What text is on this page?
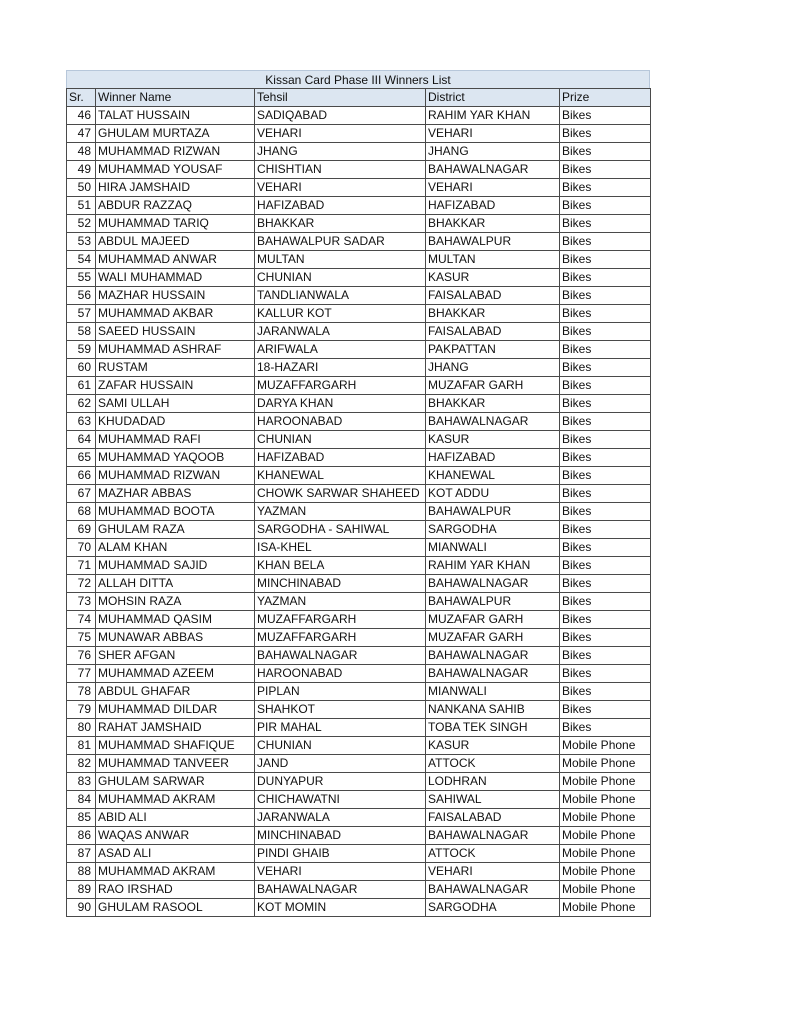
Kissan Card Phase III Winners List
Sr.	Winner Name	Tehsil	District	Prize
46	TALAT HUSSAIN	SADIQABAD	RAHIM YAR KHAN	Bikes
47	GHULAM MURTAZA	VEHARI	VEHARI	Bikes
48	MUHAMMAD RIZWAN	JHANG	JHANG	Bikes
49	MUHAMMAD YOUSAF	CHISHTIAN	BAHAWALNAGAR	Bikes
50	HIRA JAMSHAID	VEHARI	VEHARI	Bikes
51	ABDUR RAZZAQ	HAFIZABAD	HAFIZABAD	Bikes
52	MUHAMMAD TARIQ	BHAKKAR	BHAKKAR	Bikes
53	ABDUL MAJEED	BAHAWALPUR SADAR	BAHAWALPUR	Bikes
54	MUHAMMAD ANWAR	MULTAN	MULTAN	Bikes
55	WALI MUHAMMAD	CHUNIAN	KASUR	Bikes
56	MAZHAR HUSSAIN	TANDLIANWALA	FAISALABAD	Bikes
57	MUHAMMAD AKBAR	KALLUR KOT	BHAKKAR	Bikes
58	SAEED HUSSAIN	JARANWALA	FAISALABAD	Bikes
59	MUHAMMAD ASHRAF	ARIFWALA	PAKPATTAN	Bikes
60	RUSTAM	18-HAZARI	JHANG	Bikes
61	ZAFAR HUSSAIN	MUZAFFARGARH	MUZAFAR GARH	Bikes
62	SAMI ULLAH	DARYA KHAN	BHAKKAR	Bikes
63	KHUDADAD	HAROONABAD	BAHAWALNAGAR	Bikes
64	MUHAMMAD RAFI	CHUNIAN	KASUR	Bikes
65	MUHAMMAD YAQOOB	HAFIZABAD	HAFIZABAD	Bikes
66	MUHAMMAD RIZWAN	KHANEWAL	KHANEWAL	Bikes
67	MAZHAR ABBAS	CHOWK SARWAR SHAHEED	KOT ADDU	Bikes
68	MUHAMMAD BOOTA	YAZMAN	BAHAWALPUR	Bikes
69	GHULAM RAZA	SARGODHA - SAHIWAL	SARGODHA	Bikes
70	ALAM KHAN	ISA-KHEL	MIANWALI	Bikes
71	MUHAMMAD SAJID	KHAN BELA	RAHIM YAR KHAN	Bikes
72	ALLAH DITTA	MINCHINABAD	BAHAWALNAGAR	Bikes
73	MOHSIN RAZA	YAZMAN	BAHAWALPUR	Bikes
74	MUHAMMAD QASIM	MUZAFFARGARH	MUZAFAR GARH	Bikes
75	MUNAWAR ABBAS	MUZAFFARGARH	MUZAFAR GARH	Bikes
76	SHER AFGAN	BAHAWALNAGAR	BAHAWALNAGAR	Bikes
77	MUHAMMAD AZEEM	HAROONABAD	BAHAWALNAGAR	Bikes
78	ABDUL GHAFAR	PIPLAN	MIANWALI	Bikes
79	MUHAMMAD DILDAR	SHAHKOT	NANKANA SAHIB	Bikes
80	RAHAT JAMSHAID	PIR MAHAL	TOBA TEK SINGH	Bikes
81	MUHAMMAD SHAFIQUE	CHUNIAN	KASUR	Mobile Phone
82	MUHAMMAD TANVEER	JAND	ATTOCK	Mobile Phone
83	GHULAM SARWAR	DUNYAPUR	LODHRAN	Mobile Phone
84	MUHAMMAD AKRAM	CHICHAWATNI	SAHIWAL	Mobile Phone
85	ABID ALI	JARANWALA	FAISALABAD	Mobile Phone
86	WAQAS ANWAR	MINCHINABAD	BAHAWALNAGAR	Mobile Phone
87	ASAD ALI	PINDI GHAIB	ATTOCK	Mobile Phone
88	MUHAMMAD AKRAM	VEHARI	VEHARI	Mobile Phone
89	RAO IRSHAD	BAHAWALNAGAR	BAHAWALNAGAR	Mobile Phone
90	GHULAM RASOOL	KOT MOMIN	SARGODHA	Mobile Phone
